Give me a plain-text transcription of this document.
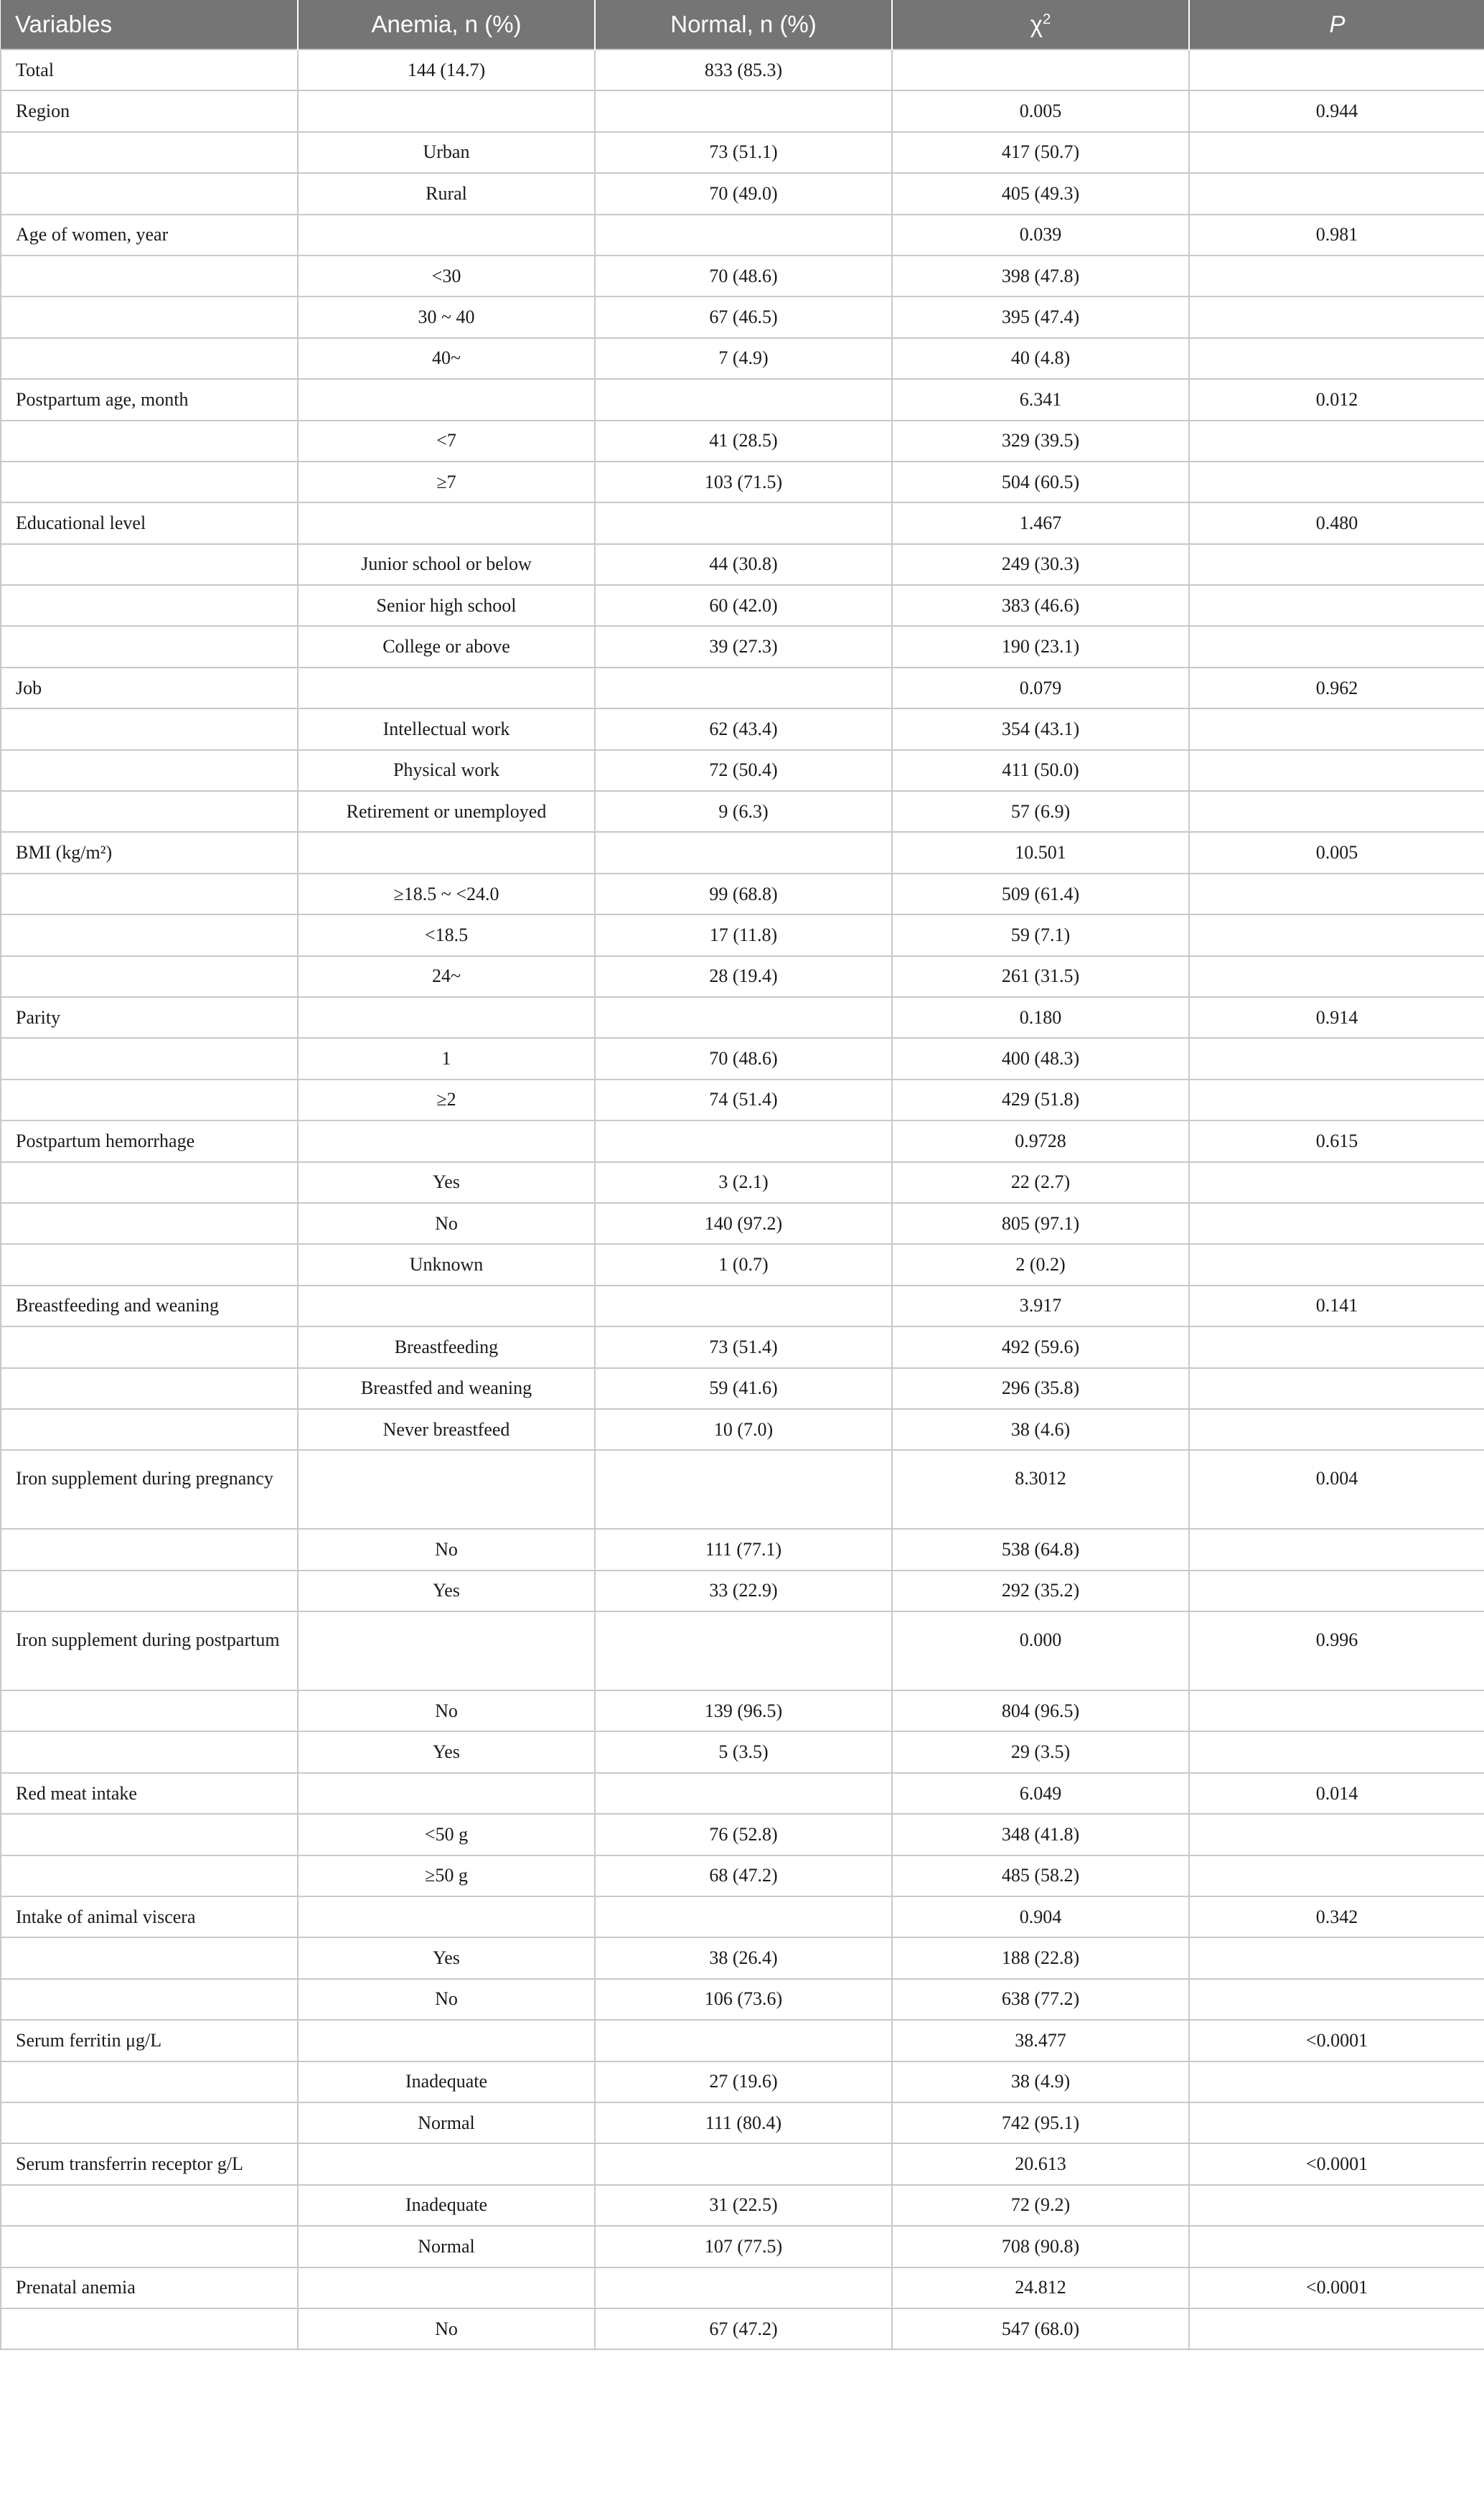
Variables	Anemia, n (%)	Normal, n (%)	$\chi^2$	P
Total	144 (14.7)	833 (85.3)		
Region			0.005	0.944
	Urban	73 (51.1)	417 (50.7)	
	Rural	70 (49.0)	405 (49.3)	
Age of women, year			0.039	0.981
	<30	70 (48.6)	398 (47.8)	
	30 ~ 40	67 (46.5)	395 (47.4)	
	40~	7 (4.9)	40 (4.8)	
Postpartum age, month			6.341	0.012
	<7	41 (28.5)	329 (39.5)	
	≥7	103 (71.5)	504 (60.5)	
Educational level			1.467	0.480
	Junior school or below	44 (30.8)	249 (30.3)	
	Senior high school	60 (42.0)	383 (46.6)	
	College or above	39 (27.3)	190 (23.1)	
Job			0.079	0.962
	Intellectual work	62 (43.4)	354 (43.1)	
	Physical work	72 (50.4)	411 (50.0)	
	Retirement or unemployed	9 (6.3)	57 (6.9)	
BMI (kg/m²)			10.501	0.005
	≥18.5 ~ <24.0	99 (68.8)	509 (61.4)	
	<18.5	17 (11.8)	59 (7.1)	
	24~	28 (19.4)	261 (31.5)	
Parity			0.180	0.914
	1	70 (48.6)	400 (48.3)	
	≥2	74 (51.4)	429 (51.8)	
Postpartum hemorrhage			0.9728	0.615
	Yes	3 (2.1)	22 (2.7)	
	No	140 (97.2)	805 (97.1)	
	Unknown	1 (0.7)	2 (0.2)	
Breastfeeding and weaning			3.917	0.141
	Breastfeeding	73 (51.4)	492 (59.6)	
	Breastfed and weaning	59 (41.6)	296 (35.8)	
	Never breastfeed	10 (7.0)	38 (4.6)	
Iron supplement during pregnancy			8.3012	0.004
	No	111 (77.1)	538 (64.8)	
	Yes	33 (22.9)	292 (35.2)	
Iron supplement during postpartum			0.000	0.996
	No	139 (96.5)	804 (96.5)	
	Yes	5 (3.5)	29 (3.5)	
Red meat intake			6.049	0.014
	<50 g	76 (52.8)	348 (41.8)	
	≥50 g	68 (47.2)	485 (58.2)	
Intake of animal viscera			0.904	0.342
	Yes	38 (26.4)	188 (22.8)	
	No	106 (73.6)	638 (77.2)	
Serum ferritin μg/L			38.477	<0.0001
	Inadequate	27 (19.6)	38 (4.9)	
	Normal	111 (80.4)	742 (95.1)	
Serum transferrin receptor g/L			20.613	<0.0001
	Inadequate	31 (22.5)	72 (9.2)	
	Normal	107 (77.5)	708 (90.8)	
Prenatal anemia			24.812	<0.0001
	No	67 (47.2)	547 (68.0)	
